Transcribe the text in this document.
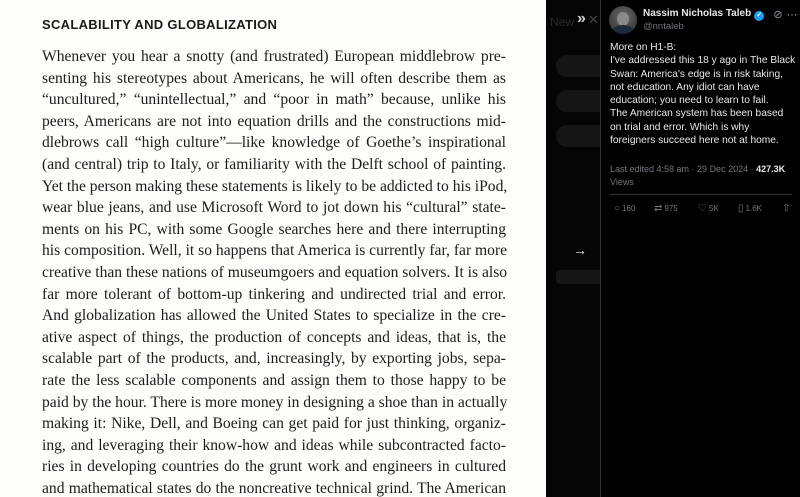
SCALABILITY AND GLOBALIZATION
Whenever you hear a snotty (and frustrated) European middlebrow pre-
senting his stereotypes about Americans, he will often describe them as
“uncultured,” “unintellectual,” and “poor in math” because, unlike his
peers, Americans are not into equation drills and the constructions mid-
dlebrows call “high culture”—like knowledge of Goethe’s inspirational
(and central) trip to Italy, or familiarity with the Delft school of painting.
Yet the person making these statements is likely to be addicted to his iPod,
wear blue jeans, and use Microsoft Word to jot down his “cultural” state-
ments on his PC, with some Google searches here and there interrupting
his composition. Well, it so happens that America is currently far, far more
creative than these nations of museumgoers and equation solvers. It is also
far more tolerant of bottom-up tinkering and undirected trial and error.
And globalization has allowed the United States to specialize in the cre-
ative aspect of things, the production of concepts and ideas, that is, the
scalable part of the products, and, increasingly, by exporting jobs, sepa-
rate the less scalable components and assign them to those happy to be
paid by the hour. There is more money in designing a shoe than in actually
making it: Nike, Dell, and Boeing can get paid for just thinking, organiz-
ing, and leveraging their know-how and ideas while subcontracted facto-
ries in developing countries do the grunt work and engineers in cultured
and mathematical states do the noncreative technical grind. The American
New » ✕
→
Nassim Nicholas Taleb ✓
@nntaleb
⊘ ⋯
More on H1-B:
I've addressed this 18 y ago in The Black
Swan: America's edge is in risk taking,
not education. Any idiot can have
education; you need to learn to fail.
The American system has been based
on trial and error. Which is why
foreigners succeed here not at home.
Last edited 4:58 am · 29 Dec 2024 · 427.3K
Views
○ 160 ⇄ 975 ♡ 5K ▯ 1.6K ⇧
